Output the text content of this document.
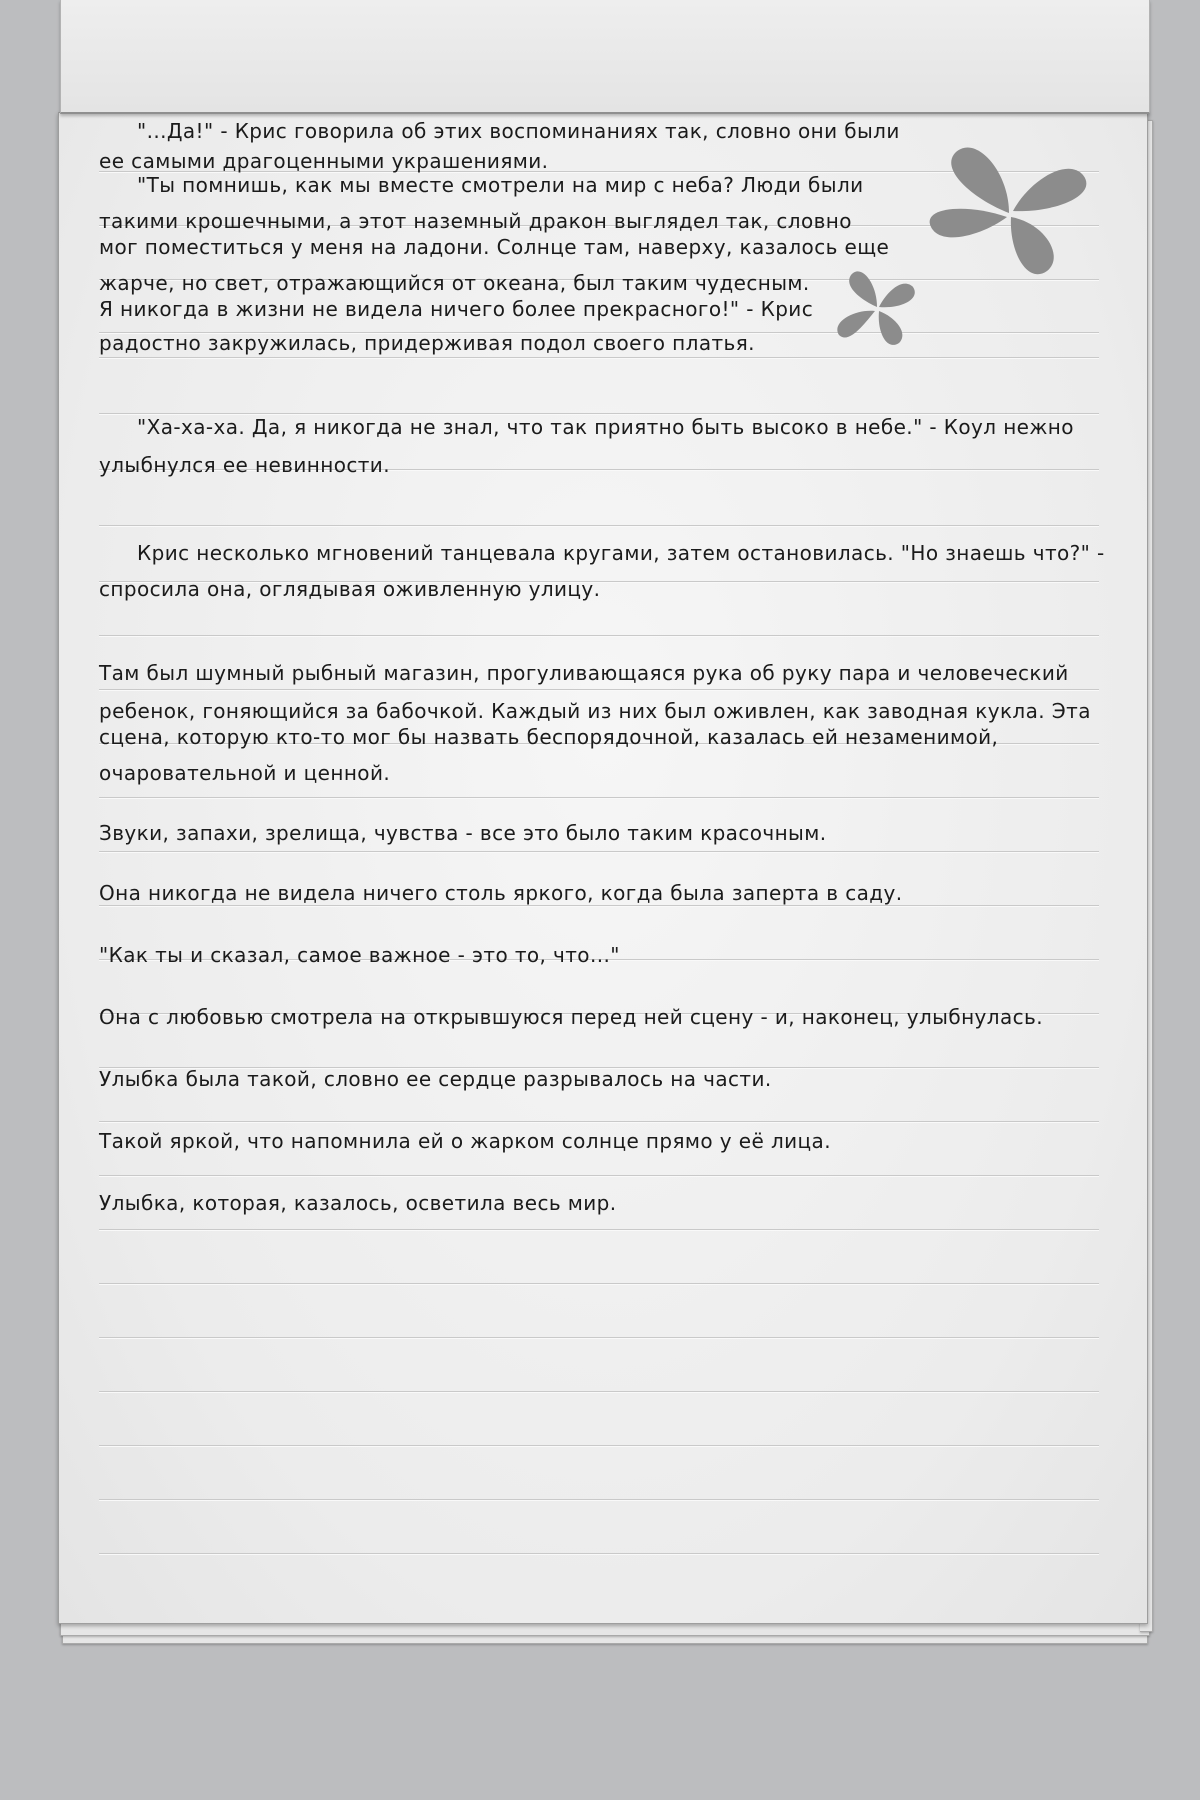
"...Да!" - Крис говорила об этих воспоминаниях так, словно они были
ее самыми драгоценными украшениями.
"Ты помнишь, как мы вместе смотрели на мир с неба? Люди были
такими крошечными, а этот наземный дракон выглядел так, словно
мог поместиться у меня на ладони. Солнце там, наверху, казалось еще
жарче, но свет, отражающийся от океана, был таким чудесным.
Я никогда в жизни не видела ничего более прекрасного!" - Крис
радостно закружилась, придерживая подол своего платья.
"Ха-ха-ха. Да, я никогда не знал, что так приятно быть высоко в небе." - Коул нежно
улыбнулся ее невинности.
Крис несколько мгновений танцевала кругами, затем остановилась. "Но знаешь что?" -
спросила она, оглядывая оживленную улицу.
Там был шумный рыбный магазин, прогуливающаяся рука об руку пара и человеческий
ребенок, гоняющийся за бабочкой. Каждый из них был оживлен, как заводная кукла. Эта
сцена, которую кто-то мог бы назвать беспорядочной, казалась ей незаменимой,
очаровательной и ценной.
Звуки, запахи, зрелища, чувства - все это было таким красочным.
Она никогда не видела ничего столь яркого, когда была заперта в саду.
"Как ты и сказал, самое важное - это то, что..."
Она с любовью смотрела на открывшуюся перед ней сцену - и, наконец, улыбнулась.
Улыбка была такой, словно ее сердце разрывалось на части.
Такой яркой, что напомнила ей о жарком солнце прямо у её лица.
Улыбка, которая, казалось, осветила весь мир.
